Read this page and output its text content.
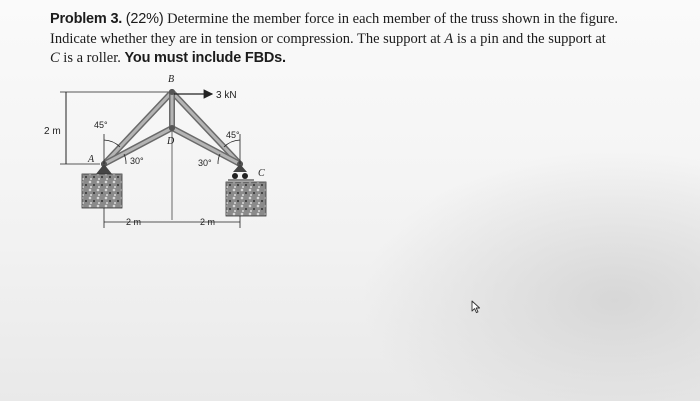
Problem 3. (22%) Determine the member force in each member of the truss shown in the figure.
Indicate whether they are in tension or compression. The support at A is a pin and the support at
C is a roller. You must include FBDs.
2 m
B
D
A
C
45°
45°
30°	30°
3 kN
2 m	2 m
